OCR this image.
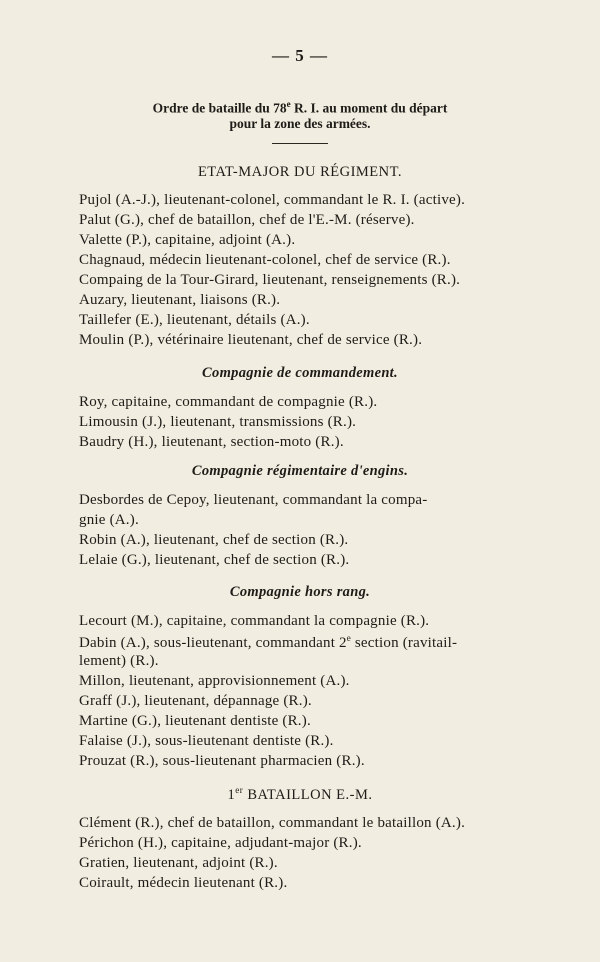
— 5 —
Ordre de bataille du 78e R. I. au moment du départ
pour la zone des armées.
ETAT-MAJOR DU RÉGIMENT.
Pujol (A.-J.), lieutenant-colonel, commandant le R. I. (active).
Palut (G.), chef de bataillon, chef de l'E.-M. (réserve).
Valette (P.), capitaine, adjoint (A.).
Chagnaud, médecin lieutenant-colonel, chef de service (R.).
Compaing de la Tour-Girard, lieutenant, renseignements (R.).
Auzary, lieutenant, liaisons (R.).
Taillefer (E.), lieutenant, détails (A.).
Moulin (P.), vétérinaire lieutenant, chef de service (R.).
Compagnie de commandement.
Roy, capitaine, commandant de compagnie (R.).
Limousin (J.), lieutenant, transmissions (R.).
Baudry (H.), lieutenant, section-moto (R.).
Compagnie régimentaire d'engins.
Desbordes de Cepoy, lieutenant, commandant la compa-
gnie (A.).
Robin (A.), lieutenant, chef de section (R.).
Lelaie (G.), lieutenant, chef de section (R.).
Compagnie hors rang.
Lecourt (M.), capitaine, commandant la compagnie (R.).
Dabin (A.), sous-lieutenant, commandant 2e section (ravitail-
lement) (R.).
Millon, lieutenant, approvisionnement (A.).
Graff (J.), lieutenant, dépannage (R.).
Martine (G.), lieutenant dentiste (R.).
Falaise (J.), sous-lieutenant dentiste (R.).
Prouzat (R.), sous-lieutenant pharmacien (R.).
1er BATAILLON E.-M.
Clément (R.), chef de bataillon, commandant le bataillon (A.).
Périchon (H.), capitaine, adjudant-major (R.).
Gratien, lieutenant, adjoint (R.).
Coirault, médecin lieutenant (R.).
